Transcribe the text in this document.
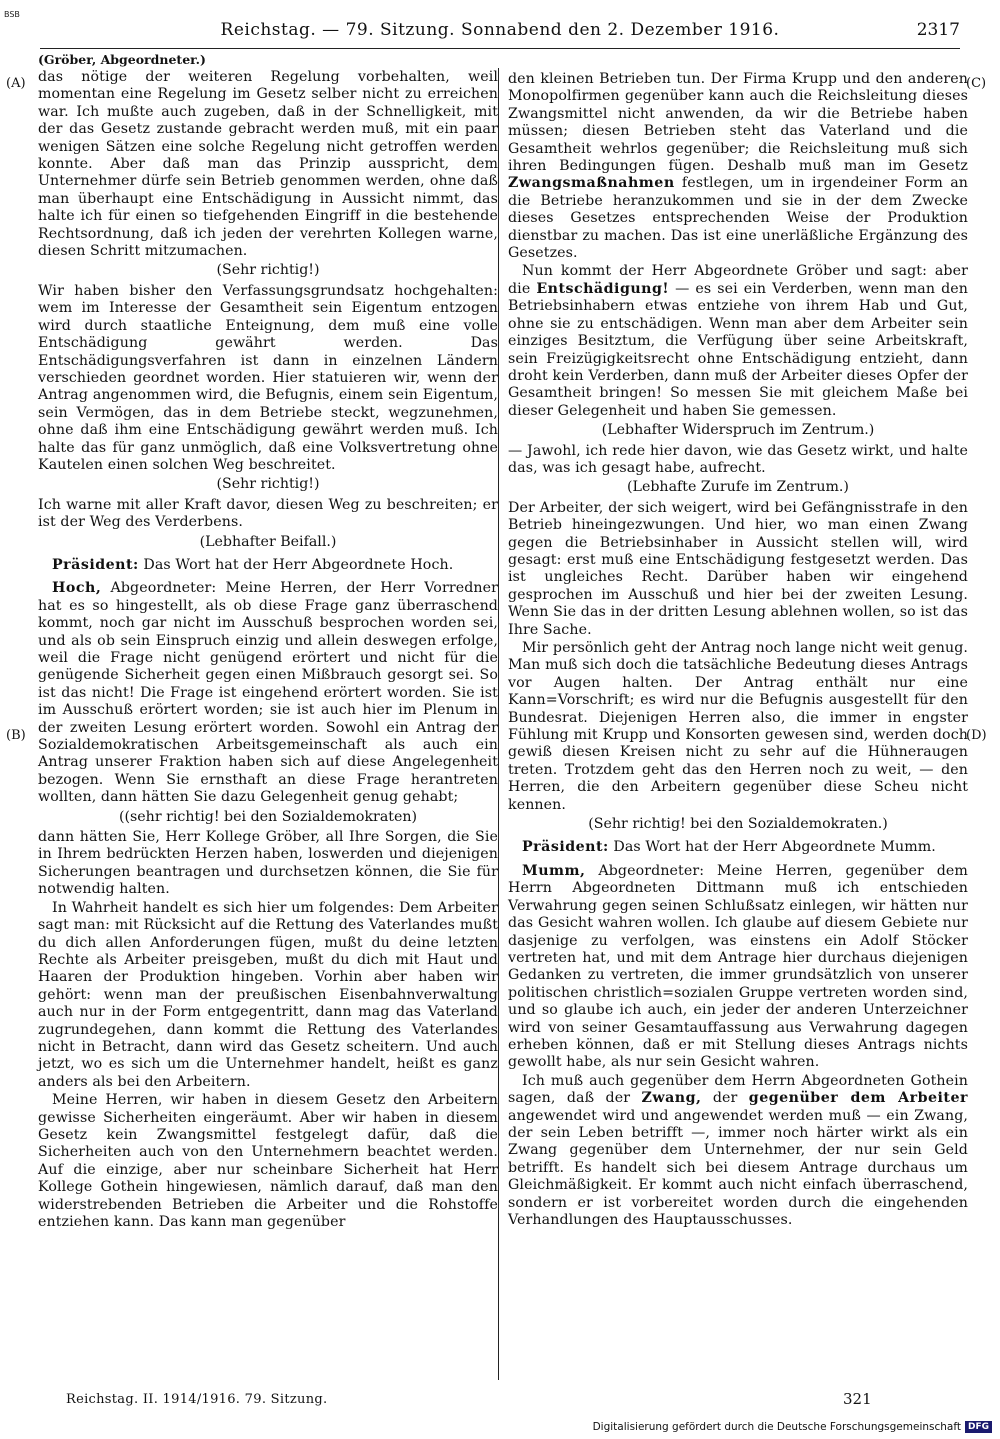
BSB
Reichstag. — 79. Sitzung. Sonnabend den 2. Dezember 1916.	2317
(A)
(B)
(C)
(D)
(Gröber, Abgeordneter.)

das nötige der weiteren Regelung vorbehalten, weil momentan eine Regelung im Gesetz selber nicht zu erreichen war. Ich mußte auch zugeben, daß in der Schnelligkeit, mit der das Gesetz zustande gebracht werden muß, mit ein paar wenigen Sätzen eine solche Regelung nicht getroffen werden konnte. Aber daß man das Prinzip ausspricht, dem Unternehmer dürfe sein Betrieb genommen werden, ohne daß man überhaupt eine Entschädigung in Aussicht nimmt, das halte ich für einen so tiefgehenden Eingriff in die bestehende Rechtsordnung, daß ich jeden der verehrten Kollegen warne, diesen Schritt mitzumachen.

(Sehr richtig!)

Wir haben bisher den Verfassungsgrundsatz hochgehalten: wem im Interesse der Gesamtheit sein Eigentum entzogen wird durch staatliche Enteignung, dem muß eine volle Entschädigung gewährt werden. Das Entschädigungsverfahren ist dann in einzelnen Ländern verschieden geordnet worden. Hier statuieren wir, wenn der Antrag angenommen wird, die Befugnis, einem sein Eigentum, sein Vermögen, das in dem Betriebe steckt, wegzunehmen, ohne daß ihm eine Entschädigung gewährt werden muß. Ich halte das für ganz unmöglich, daß eine Volksvertretung ohne Kautelen einen solchen Weg beschreitet.

(Sehr richtig!)

Ich warne mit aller Kraft davor, diesen Weg zu beschreiten; er ist der Weg des Verderbens.

(Lebhafter Beifall.)

Präsident: Das Wort hat der Herr Abgeordnete Hoch.

Hoch, Abgeordneter: Meine Herren, der Herr Vorredner hat es so hingestellt, als ob diese Frage ganz überraschend kommt, noch gar nicht im Ausschuß besprochen worden sei, und als ob sein Einspruch einzig und allein deswegen erfolge, weil die Frage nicht genügend erörtert und nicht für die genügende Sicherheit gegen einen Mißbrauch gesorgt sei. So ist das nicht! Die Frage ist eingehend erörtert worden. Sie ist im Ausschuß erörtert worden; sie ist auch hier im Plenum in der zweiten Lesung erörtert worden. Sowohl ein Antrag der Sozialdemokratischen Arbeitsgemeinschaft als auch ein Antrag unserer Fraktion haben sich auf diese Angelegenheit bezogen. Wenn Sie ernsthaft an diese Frage herantreten wollten, dann hätten Sie dazu Gelegenheit genug gehabt;

((sehr richtig! bei den Sozialdemokraten)

dann hätten Sie, Herr Kollege Gröber, all Ihre Sorgen, die Sie in Ihrem bedrückten Herzen haben, loswerden und diejenigen Sicherungen beantragen und durchsetzen können, die Sie für notwendig halten.

In Wahrheit handelt es sich hier um folgendes: Dem Arbeiter sagt man: mit Rücksicht auf die Rettung des Vaterlandes mußt du dich allen Anforderungen fügen, mußt du deine letzten Rechte als Arbeiter preisgeben, mußt du dich mit Haut und Haaren der Produktion hingeben. Vorhin aber haben wir gehört: wenn man der preußischen Eisenbahnverwaltung auch nur in der Form entgegentritt, dann mag das Vaterland zugrundegehen, dann kommt die Rettung des Vaterlandes nicht in Betracht, dann wird das Gesetz scheitern. Und auch jetzt, wo es sich um die Unternehmer handelt, heißt es ganz anders als bei den Arbeitern.

Meine Herren, wir haben in diesem Gesetz den Arbeitern gewisse Sicherheiten eingeräumt. Aber wir haben in diesem Gesetz kein Zwangsmittel festgelegt dafür, daß die Sicherheiten auch von den Unternehmern beachtet werden. Auf die einzige, aber nur scheinbare Sicherheit hat Herr Kollege Gothein hingewiesen, nämlich darauf, daß man den widerstrebenden Betrieben die Arbeiter und die Rohstoffe entziehen kann. Das kann man gegenüber

den kleinen Betrieben tun. Der Firma Krupp und den anderen Monopolfirmen gegenüber kann auch die Reichsleitung dieses Zwangsmittel nicht anwenden, da wir die Betriebe haben müssen; diesen Betrieben steht das Vaterland und die Gesamtheit wehrlos gegenüber; die Reichsleitung muß sich ihren Bedingungen fügen. Deshalb muß man im Gesetz Zwangsmaßnahmen festlegen, um in irgendeiner Form an die Betriebe heranzukommen und sie in der dem Zwecke dieses Gesetzes entsprechenden Weise der Produktion dienstbar zu machen. Das ist eine unerläßliche Ergänzung des Gesetzes.

Nun kommt der Herr Abgeordnete Gröber und sagt: aber die Entschädigung! — es sei ein Verderben, wenn man den Betriebsinhabern etwas entziehe von ihrem Hab und Gut, ohne sie zu entschädigen. Wenn man aber dem Arbeiter sein einziges Besitztum, die Verfügung über seine Arbeitskraft, sein Freizügigkeitsrecht ohne Entschädigung entzieht, dann droht kein Verderben, dann muß der Arbeiter dieses Opfer der Gesamtheit bringen! So messen Sie mit gleichem Maße bei dieser Gelegenheit und haben Sie gemessen.

(Lebhafter Widerspruch im Zentrum.)

— Jawohl, ich rede hier davon, wie das Gesetz wirkt, und halte das, was ich gesagt habe, aufrecht.

(Lebhafte Zurufe im Zentrum.)

Der Arbeiter, der sich weigert, wird bei Gefängnisstrafe in den Betrieb hineingezwungen. Und hier, wo man einen Zwang gegen die Betriebsinhaber in Aussicht stellen will, wird gesagt: erst muß eine Entschädigung festgesetzt werden. Das ist ungleiches Recht. Darüber haben wir eingehend gesprochen im Ausschuß und hier bei der zweiten Lesung. Wenn Sie das in der dritten Lesung ablehnen wollen, so ist das Ihre Sache.

Mir persönlich geht der Antrag noch lange nicht weit genug. Man muß sich doch die tatsächliche Bedeutung dieses Antrags vor Augen halten. Der Antrag enthält nur eine Kann=Vorschrift; es wird nur die Befugnis ausgestellt für den Bundesrat. Diejenigen Herren also, die immer in engster Fühlung mit Krupp und Konsorten gewesen sind, werden doch gewiß diesen Kreisen nicht zu sehr auf die Hühneraugen treten. Trotzdem geht das den Herren noch zu weit, — den Herren, die den Arbeitern gegenüber diese Scheu nicht kennen.

(Sehr richtig! bei den Sozialdemokraten.)

Präsident: Das Wort hat der Herr Abgeordnete Mumm.

Mumm, Abgeordneter: Meine Herren, gegenüber dem Herrn Abgeordneten Dittmann muß ich entschieden Verwahrung gegen seinen Schlußsatz einlegen, wir hätten nur das Gesicht wahren wollen. Ich glaube auf diesem Gebiete nur dasjenige zu verfolgen, was einstens ein Adolf Stöcker vertreten hat, und mit dem Antrage hier durchaus diejenigen Gedanken zu vertreten, die immer grundsätzlich von unserer politischen christlich=sozialen Gruppe vertreten worden sind, und so glaube ich auch, ein jeder der anderen Unterzeichner wird von seiner Gesamtauffassung aus Verwahrung dagegen erheben können, daß er mit Stellung dieses Antrags nichts gewollt habe, als nur sein Gesicht wahren.

Ich muß auch gegenüber dem Herrn Abgeordneten Gothein sagen, daß der Zwang, der gegenüber dem Arbeiter angewendet wird und angewendet werden muß — ein Zwang, der sein Leben betrifft —, immer noch härter wirkt als ein Zwang gegenüber dem Unternehmer, der nur sein Geld betrifft. Es handelt sich bei diesem Antrage durchaus um Gleichmäßigkeit. Er kommt auch nicht einfach überraschend, sondern er ist vorbereitet worden durch die eingehenden Verhandlungen des Hauptausschusses.

Reichstag. II. 1914/1916. 79. Sitzung.	321
Digitalisierung gefördert durch die Deutsche Forschungsgemeinschaft DFG
